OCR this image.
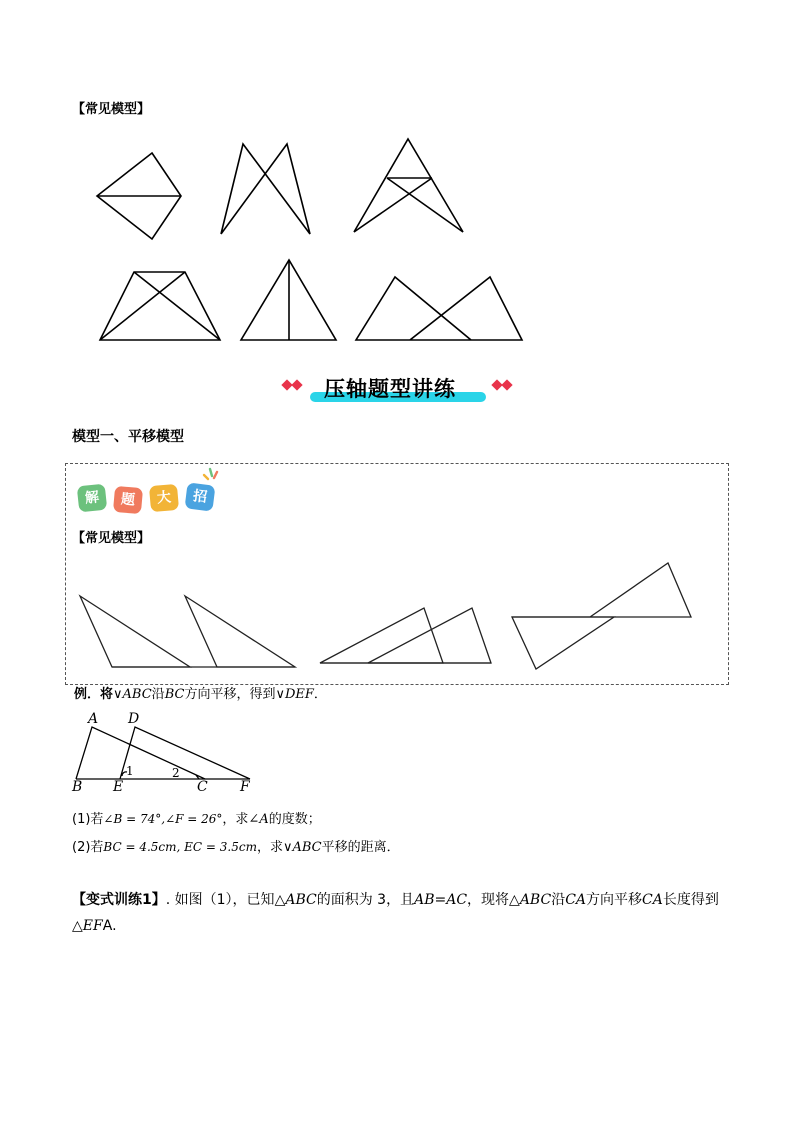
【常见模型】
压轴题型讲练
模型一、平移模型
解	题	大	招
【常见模型】
例．将∨ABC沿BC方向平移，得到∨DEF．
A D
B E	C F
1	2
(1)若∠B = 74°,∠F = 26°，求∠A的度数；
(2)若BC = 4.5cm, EC = 3.5cm，求∨ABC平移的距离．
【变式训练1】. 如图（1），已知△ABC的面积为 3，且AB=AC，现将△ABC沿CA方向平移CA长度得到
△EFA.
